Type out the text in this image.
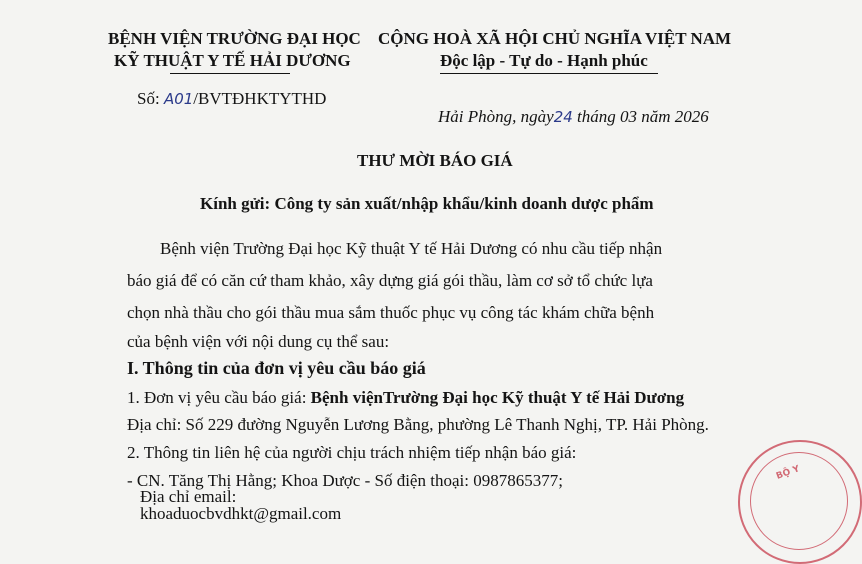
BỆNH VIỆN TRƯỜNG ĐẠI HỌC
KỸ THUẬT Y TẾ HẢI DƯƠNG
CỘNG HOÀ XÃ HỘI CHỦ NGHĨA VIỆT NAM
Độc lập - Tự do - Hạnh phúc
Số: A01/BVTĐHKTYTHD
Hải Phòng, ngày24 tháng 03 năm 2026
THƯ MỜI BÁO GIÁ
Kính gửi: Công ty sản xuất/nhập khẩu/kinh doanh dược phẩm
Bệnh viện Trường Đại học Kỹ thuật Y tế Hải Dương có nhu cầu tiếp nhận
báo giá để có căn cứ tham khảo, xây dựng giá gói thầu, làm cơ sở tổ chức lựa
chọn nhà thầu cho gói thầu mua sắm thuốc phục vụ công tác khám chữa bệnh
của bệnh viện với nội dung cụ thể sau:
I. Thông tin của đơn vị yêu cầu báo giá
1. Đơn vị yêu cầu báo giá: Bệnh việnTrường Đại học Kỹ thuật Y tế Hải Dương
Địa chỉ: Số 229 đường Nguyễn Lương Bằng, phường Lê Thanh Nghị, TP. Hải Phòng.
2. Thông tin liên hệ của người chịu trách nhiệm tiếp nhận báo giá:
- CN. Tăng Thị Hằng; Khoa Dược - Số điện thoại: 0987865377;
Địa chỉ email: khoaduocbvdhkt@gmail.com
BỘ Y
